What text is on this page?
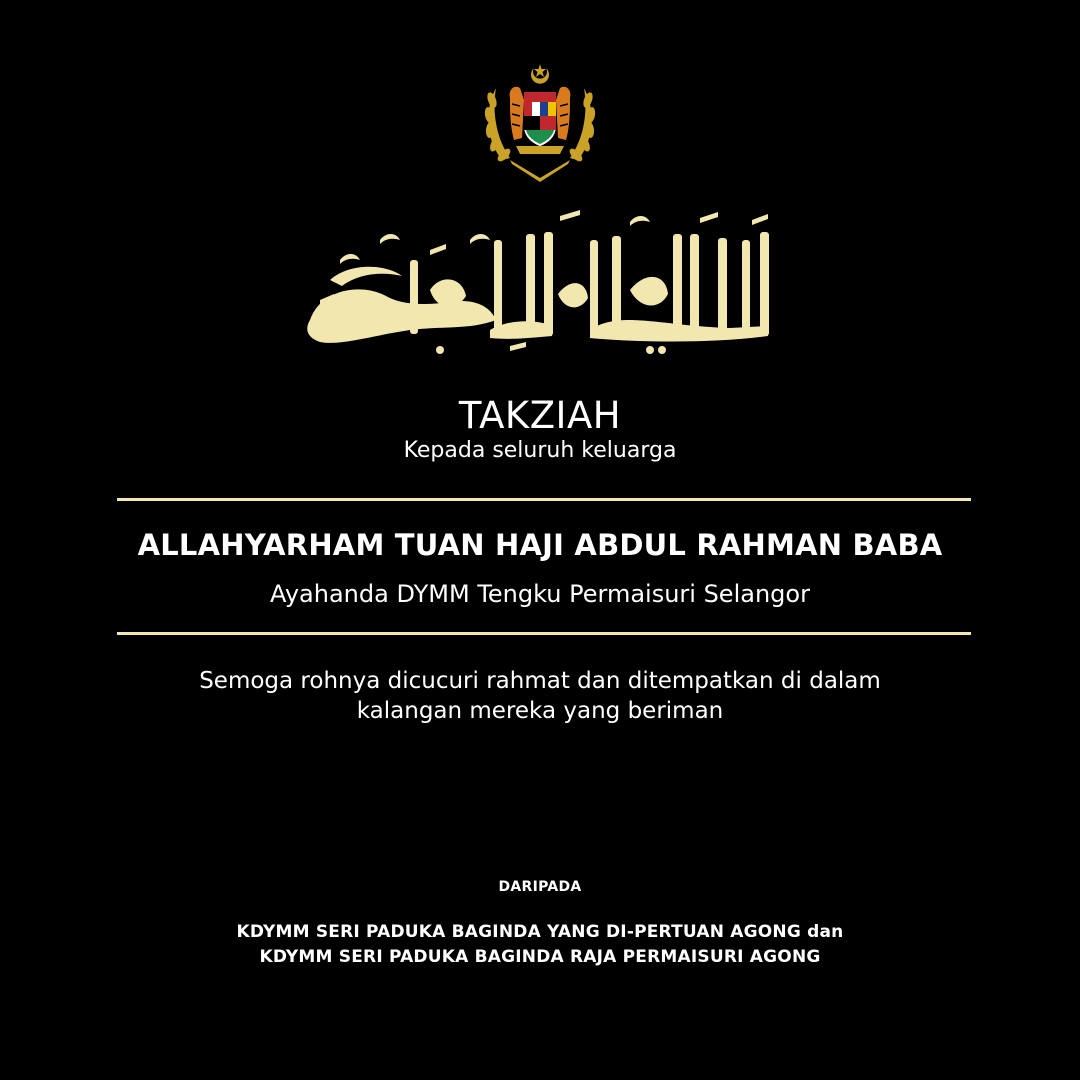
TAKZIAH
Kepada seluruh keluarga
ALLAHYARHAM TUAN HAJI ABDUL RAHMAN BABA
Ayahanda DYMM Tengku Permaisuri Selangor
Semoga rohnya dicucuri rahmat dan ditempatkan di dalam
kalangan mereka yang beriman
DARIPADA
KDYMM SERI PADUKA BAGINDA YANG DI-PERTUAN AGONG dan
KDYMM SERI PADUKA BAGINDA RAJA PERMAISURI AGONG
